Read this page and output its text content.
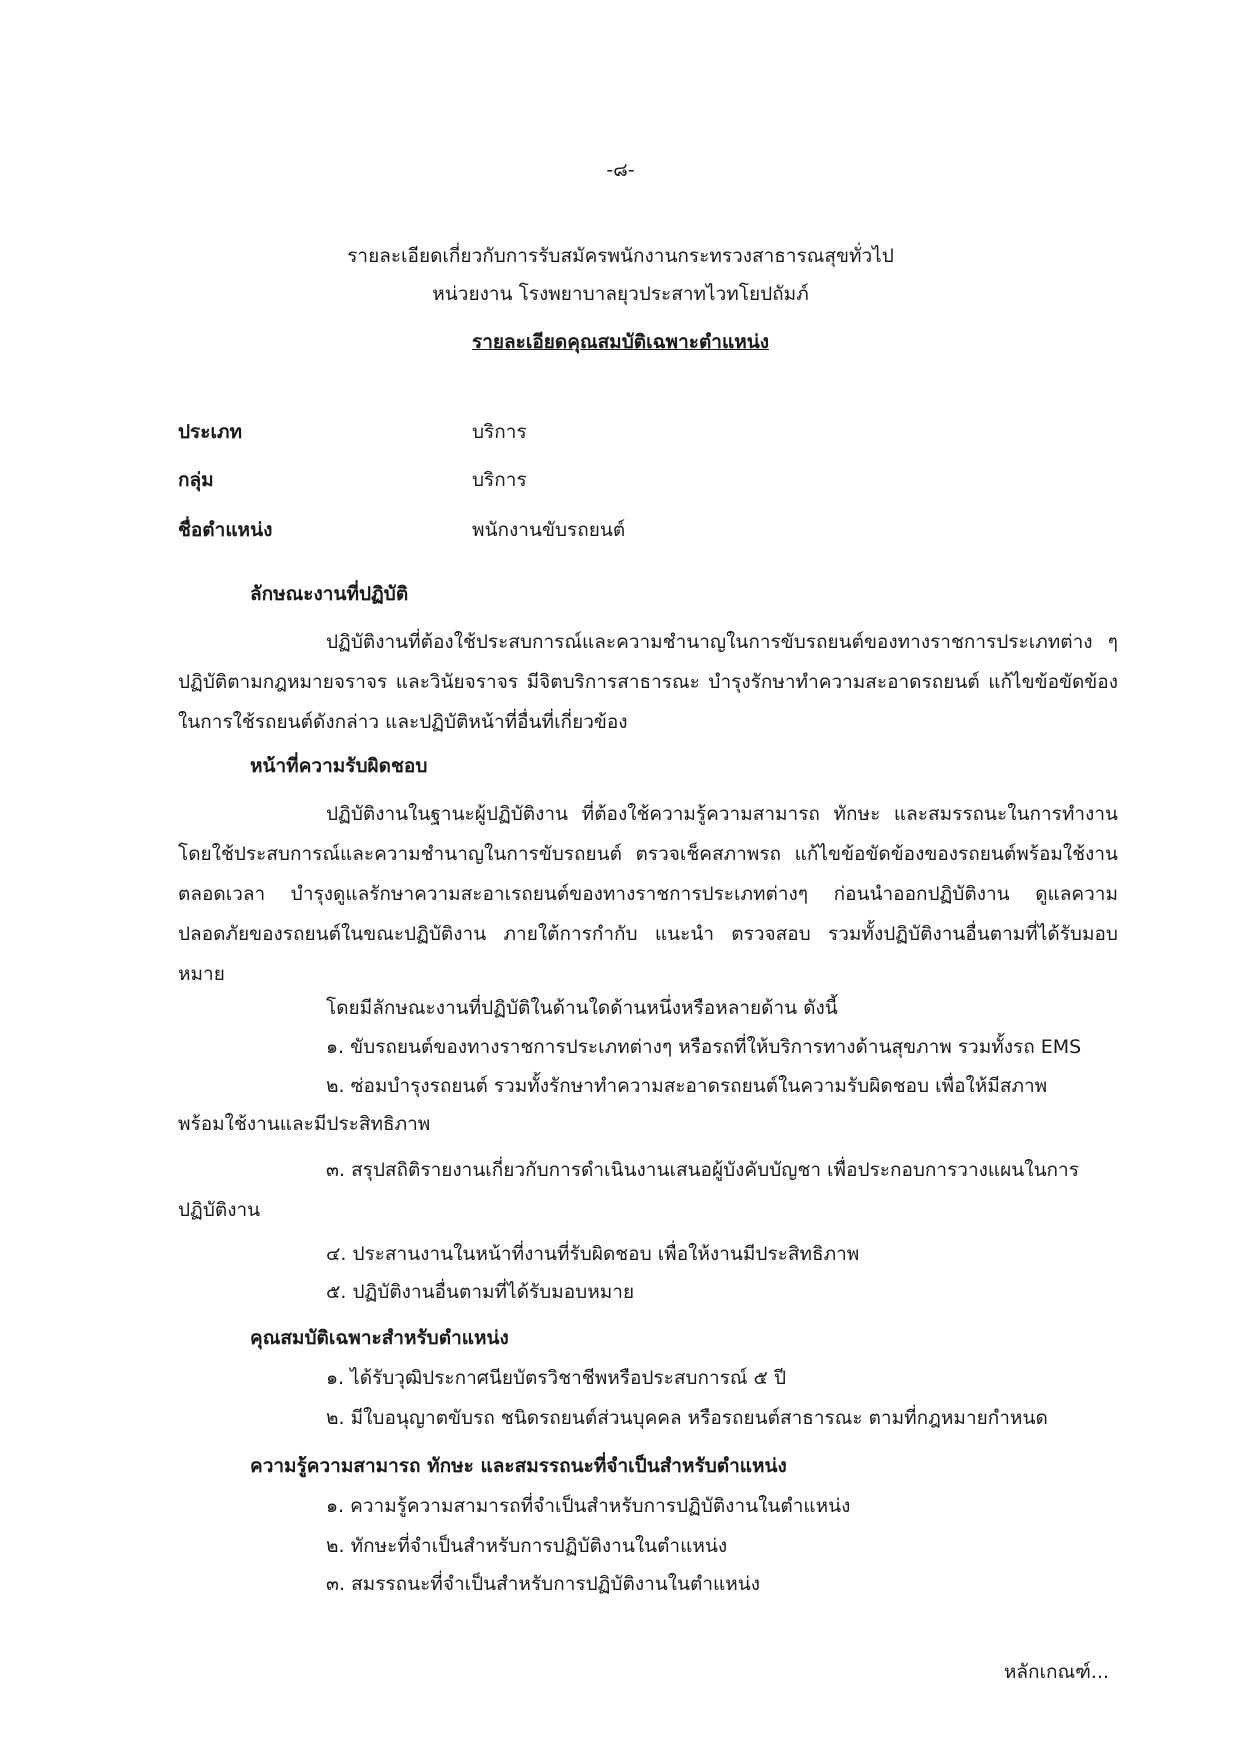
-๘-
รายละเอียดเกี่ยวกับการรับสมัครพนักงานกระทรวงสาธารณสุขทั่วไป
หน่วยงาน โรงพยาบาลยุวประสาทไวทโยปถัมภ์
รายละเอียดคุณสมบัติเฉพาะตำแหน่ง
ประเภท	บริการ
กลุ่ม	บริการ
ชื่อตำแหน่ง	พนักงานขับรถยนต์
ลักษณะงานที่ปฏิบัติ
ปฏิบัติงานที่ต้องใช้ประสบการณ์และความชำนาญในการขับรถยนต์ของทางราชการประเภทต่าง ๆ ปฏิบัติตามกฎหมายจราจร และวินัยจราจร มีจิตบริการสาธารณะ บำรุงรักษาทำความสะอาดรถยนต์ แก้ไขข้อขัดข้องในการใช้รถยนต์ดังกล่าว และปฏิบัติหน้าที่อื่นที่เกี่ยวข้อง
หน้าที่ความรับผิดชอบ
ปฏิบัติงานในฐานะผู้ปฏิบัติงาน ที่ต้องใช้ความรู้ความสามารถ ทักษะ และสมรรถนะในการทำงาน โดยใช้ประสบการณ์และความชำนาญในการขับรถยนต์ ตรวจเช็คสภาพรถ แก้ไขข้อขัดข้องของรถยนต์พร้อมใช้งานตลอดเวลา บำรุงดูแลรักษาความสะอาเรถยนต์ของทางราชการประเภทต่างๆ ก่อนนำออกปฏิบัติงาน ดูแลความปลอดภัยของรถยนต์ในขณะปฏิบัติงาน ภายใต้การกำกับ แนะนำ ตรวจสอบ รวมทั้งปฏิบัติงานอื่นตามที่ได้รับมอบหมาย
โดยมีลักษณะงานที่ปฏิบัติในด้านใดด้านหนึ่งหรือหลายด้าน ดังนี้
๑. ขับรถยนต์ของทางราชการประเภทต่างๆ หรือรถที่ให้บริการทางด้านสุขภาพ รวมทั้งรถ EMS
๒. ซ่อมบำรุงรถยนต์ รวมทั้งรักษาทำความสะอาดรถยนต์ในความรับผิดชอบ เพื่อให้มีสภาพ
พร้อมใช้งานและมีประสิทธิภาพ
๓. สรุปสถิติรายงานเกี่ยวกับการดำเนินงานเสนอผู้บังคับบัญชา เพื่อประกอบการวางแผนในการ
ปฏิบัติงาน
๔. ประสานงานในหน้าที่งานที่รับผิดชอบ เพื่อให้งานมีประสิทธิภาพ
๕. ปฏิบัติงานอื่นตามที่ได้รับมอบหมาย
คุณสมบัติเฉพาะสำหรับตำแหน่ง
๑. ได้รับวุฒิประกาศนียบัตรวิชาชีพหรือประสบการณ์ ๕ ปี
๒. มีใบอนุญาตขับรถ ชนิดรถยนต์ส่วนบุคคล หรือรถยนต์สาธารณะ ตามที่กฎหมายกำหนด
ความรู้ความสามารถ ทักษะ และสมรรถนะที่จำเป็นสำหรับตำแหน่ง
๑. ความรู้ความสามารถที่จำเป็นสำหรับการปฏิบัติงานในตำแหน่ง
๒. ทักษะที่จำเป็นสำหรับการปฏิบัติงานในตำแหน่ง
๓. สมรรถนะที่จำเป็นสำหรับการปฏิบัติงานในตำแหน่ง
หลักเกณฑ์...
